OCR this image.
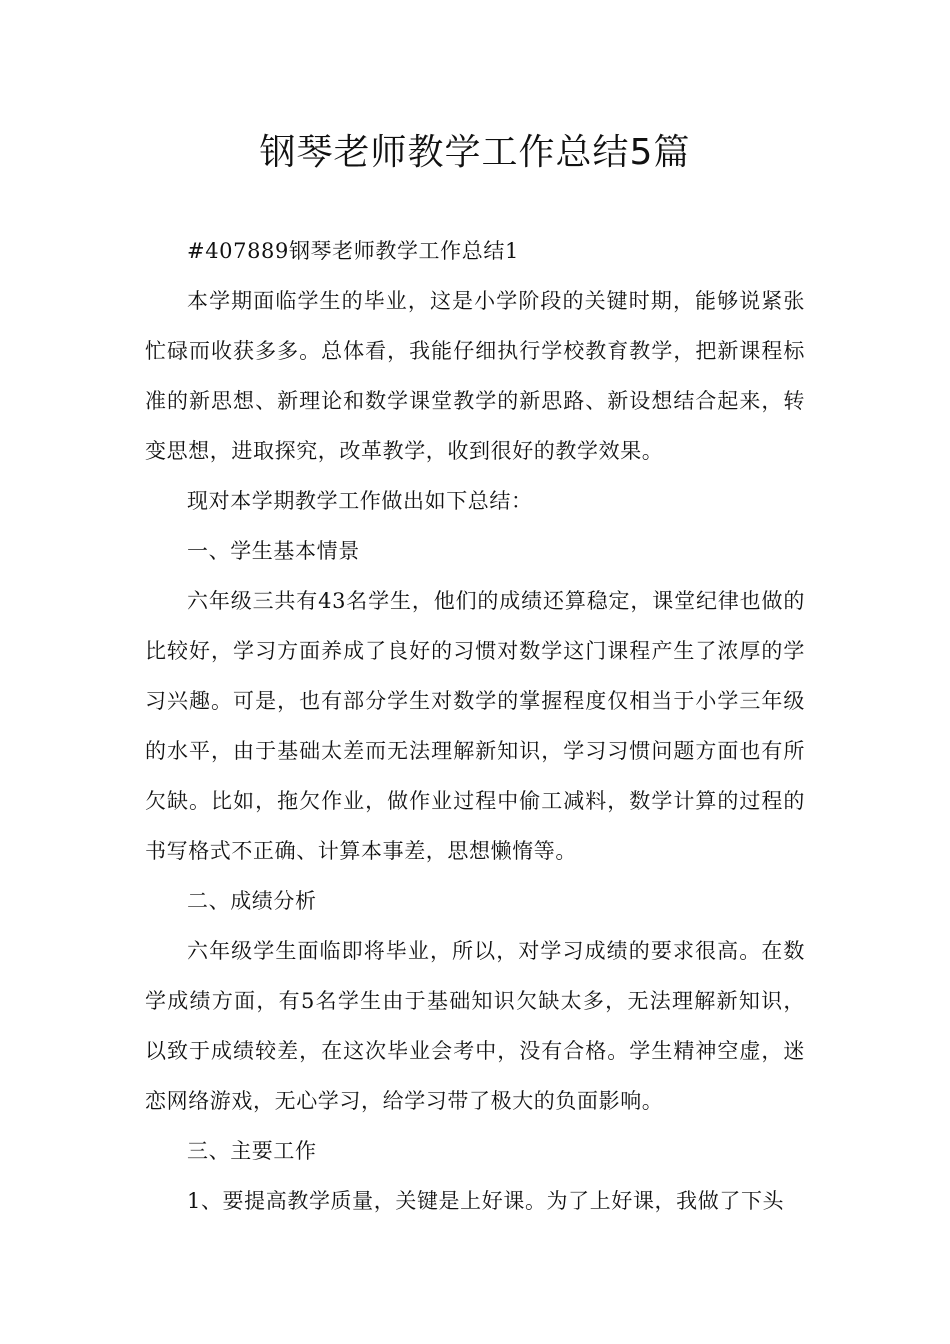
钢琴老师教学工作总结5篇

#407889钢琴老师教学工作总结1

本学期面临学生的毕业，这是小学阶段的关键时期，能够说紧张忙碌而收获多多。总体看，我能仔细执行学校教育教学，把新课程标准的新思想、新理论和数学课堂教学的新思路、新设想结合起来，转变思想，进取探究，改革教学，收到很好的教学效果。

现对本学期教学工作做出如下总结：

一、学生基本情景

六年级三共有43名学生，他们的成绩还算稳定，课堂纪律也做的比较好，学习方面养成了良好的习惯对数学这门课程产生了浓厚的学习兴趣。可是，也有部分学生对数学的掌握程度仅相当于小学三年级的水平，由于基础太差而无法理解新知识，学习习惯问题方面也有所欠缺。比如，拖欠作业，做作业过程中偷工减料，数学计算的过程的书写格式不正确、计算本事差，思想懒惰等。

二、成绩分析

六年级学生面临即将毕业，所以，对学习成绩的要求很高。在数学成绩方面，有5名学生由于基础知识欠缺太多，无法理解新知识，以致于成绩较差，在这次毕业会考中，没有合格。学生精神空虚，迷恋网络游戏，无心学习，给学习带了极大的负面影响。

三、主要工作

1、要提高教学质量，关键是上好课。为了上好课，我做了下头
